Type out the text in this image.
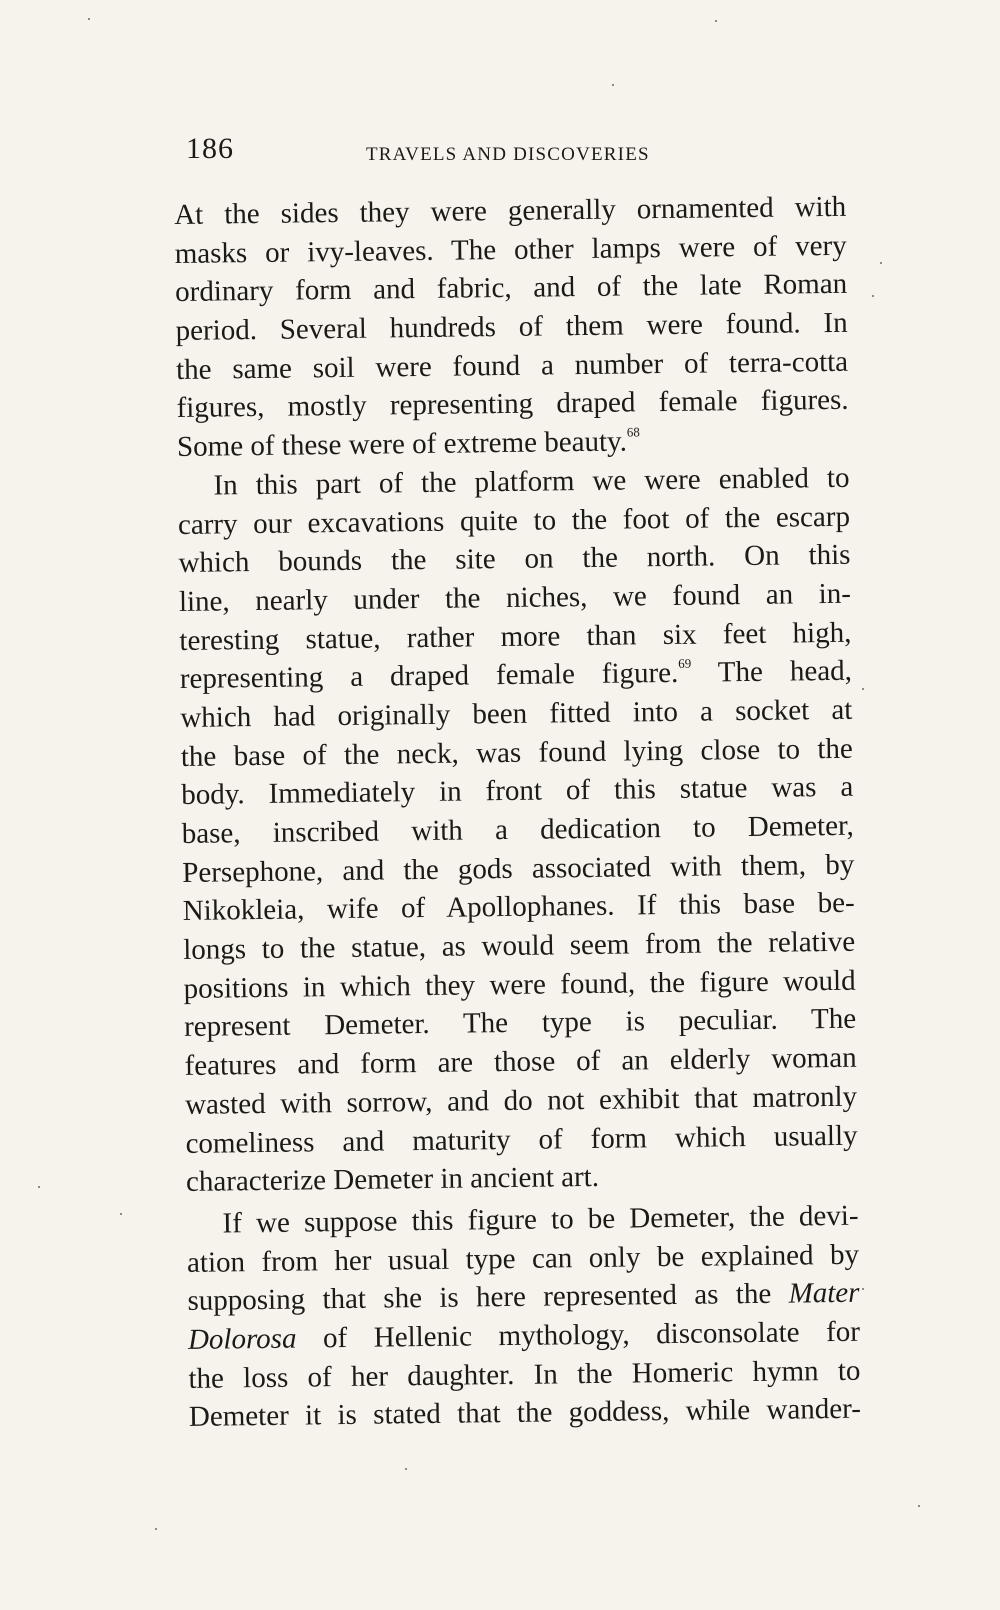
186	TRAVELS AND DISCOVERIES
At the sides they were generally ornamented with
masks or ivy-leaves. The other lamps were of very
ordinary form and fabric, and of the late Roman
period. Several hundreds of them were found. In
the same soil were found a number of terra-cotta
figures, mostly representing draped female figures.
Some of these were of extreme beauty.$^{68}$
In this part of the platform we were enabled to
carry our excavations quite to the foot of the escarp
which bounds the site on the north. On this
line, nearly under the niches, we found an in-
teresting statue, rather more than six feet high,
representing a draped female figure.$^{69}$ The head,
which had originally been fitted into a socket at
the base of the neck, was found lying close to the
body. Immediately in front of this statue was a
base, inscribed with a dedication to Demeter,
Persephone, and the gods associated with them, by
Nikokleia, wife of Apollophanes. If this base be-
longs to the statue, as would seem from the relative
positions in which they were found, the figure would
represent Demeter. The type is peculiar. The
features and form are those of an elderly woman
wasted with sorrow, and do not exhibit that matronly
comeliness and maturity of form which usually
characterize Demeter in ancient art.
If we suppose this figure to be Demeter, the devi-
ation from her usual type can only be explained by
supposing that she is here represented as the Mater
Dolorosa of Hellenic mythology, disconsolate for
the loss of her daughter. In the Homeric hymn to
Demeter it is stated that the goddess, while wander-
